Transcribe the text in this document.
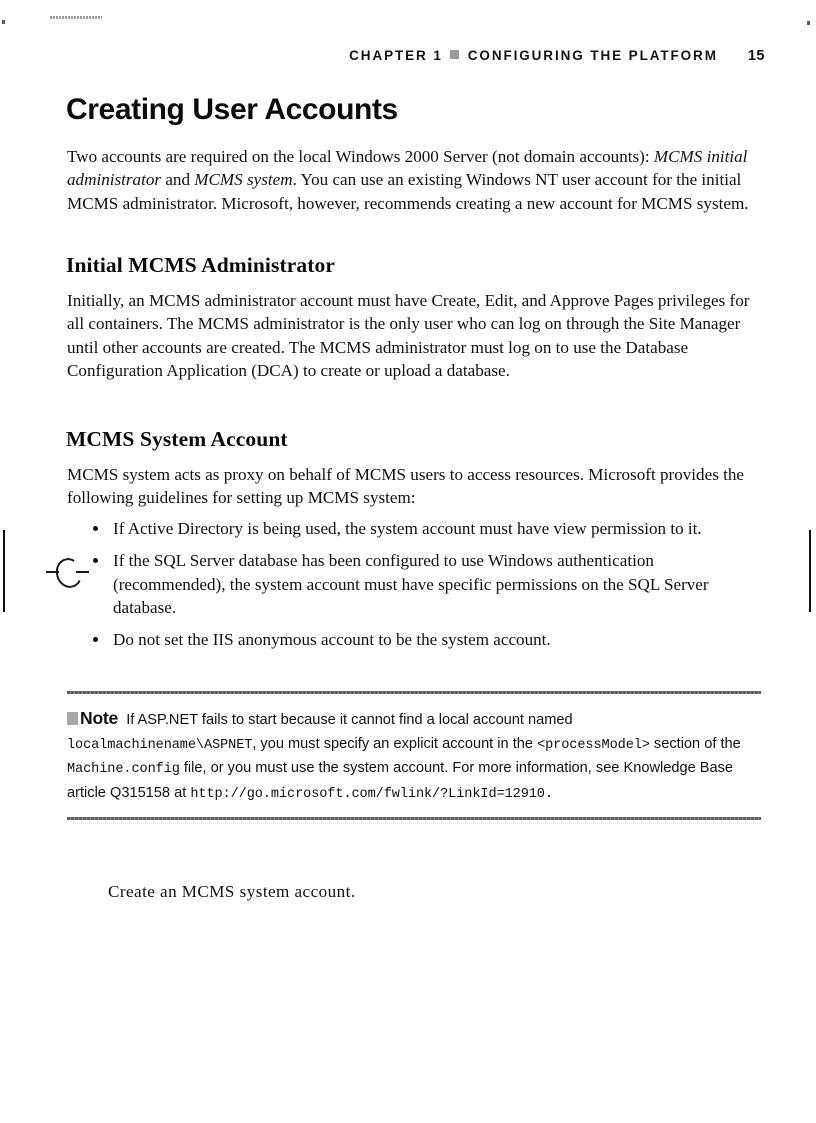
CHAPTER 1 CONFIGURING THE PLATFORM 15
Creating User Accounts
Two accounts are required on the local Windows 2000 Server (not domain accounts): MCMS initial administrator and MCMS system. You can use an existing Windows NT user account for the initial MCMS administrator. Microsoft, however, recommends creating a new account for MCMS system.
Initial MCMS Administrator
Initially, an MCMS administrator account must have Create, Edit, and Approve Pages privileges for all containers. The MCMS administrator is the only user who can log on through the Site Manager until other accounts are created. The MCMS administrator must log on to use the Database Configuration Application (DCA) to create or upload a database.
MCMS System Account
MCMS system acts as proxy on behalf of MCMS users to access resources. Microsoft provides the following guidelines for setting up MCMS system:
If Active Directory is being used, the system account must have view permission to it.
If the SQL Server database has been configured to use Windows authentication (recommended), the system account must have specific permissions on the SQL Server database.
Do not set the IIS anonymous account to be the system account.
Note If ASP.NET fails to start because it cannot find a local account named localmachinename\ASPNET, you must specify an explicit account in the <processModel> section of the Machine.config file, or you must use the system account. For more information, see Knowledge Base article Q315158 at http://go.microsoft.com/fwlink/?LinkId=12910.
Create an MCMS system account.
